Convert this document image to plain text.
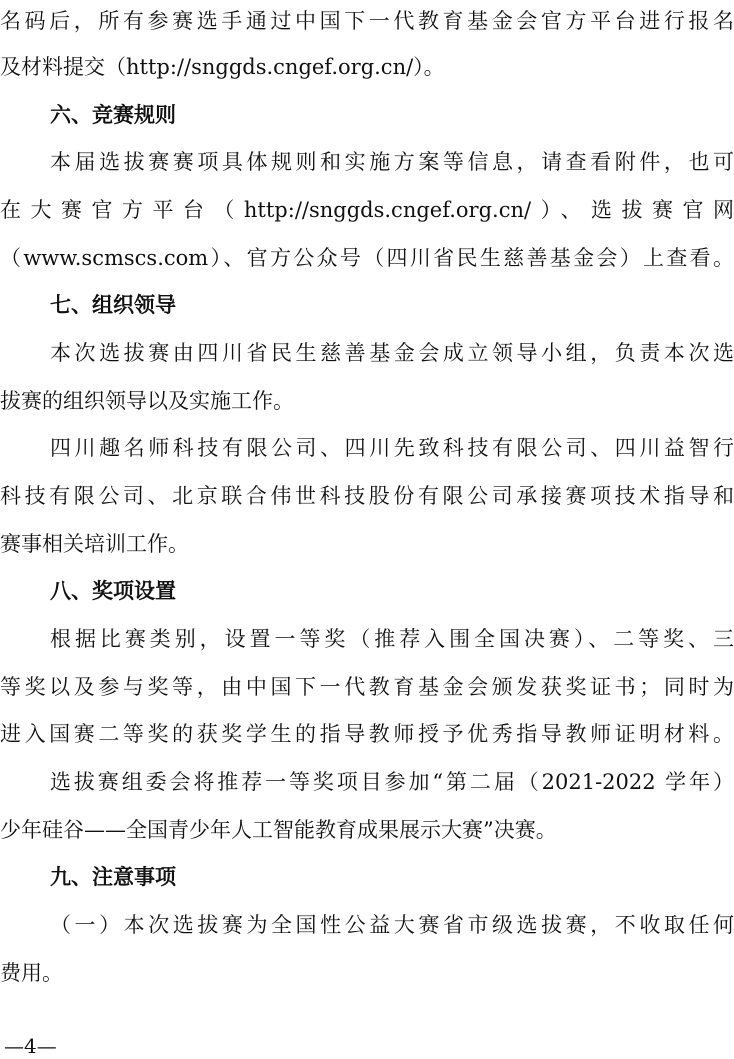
名码后，所有参赛选手通过中国下一代教育基金会官方平台进行报名
及材料提交（http://snggds.cngef.org.cn/）。
六、竞赛规则
本届选拔赛赛项具体规则和实施方案等信息，请查看附件，也可
在大赛官方平台（http://snggds.cngef.org.cn/）、选拔赛官网
（www.scmscs.com）、官方公众号（四川省民生慈善基金会）上查看。
七、组织领导
本次选拔赛由四川省民生慈善基金会成立领导小组，负责本次选
拔赛的组织领导以及实施工作。
四川趣名师科技有限公司、四川先致科技有限公司、四川益智行
科技有限公司、北京联合伟世科技股份有限公司承接赛项技术指导和
赛事相关培训工作。
八、奖项设置
根据比赛类别，设置一等奖（推荐入围全国决赛）、二等奖、三
等奖以及参与奖等，由中国下一代教育基金会颁发获奖证书；同时为
进入国赛二等奖的获奖学生的指导教师授予优秀指导教师证明材料。
选拔赛组委会将推荐一等奖项目参加“第二届（2021-2022 学年）
少年硅谷——全国青少年人工智能教育成果展示大赛”决赛。
九、注意事项
（一）本次选拔赛为全国性公益大赛省市级选拔赛，不收取任何
费用。
—4—
